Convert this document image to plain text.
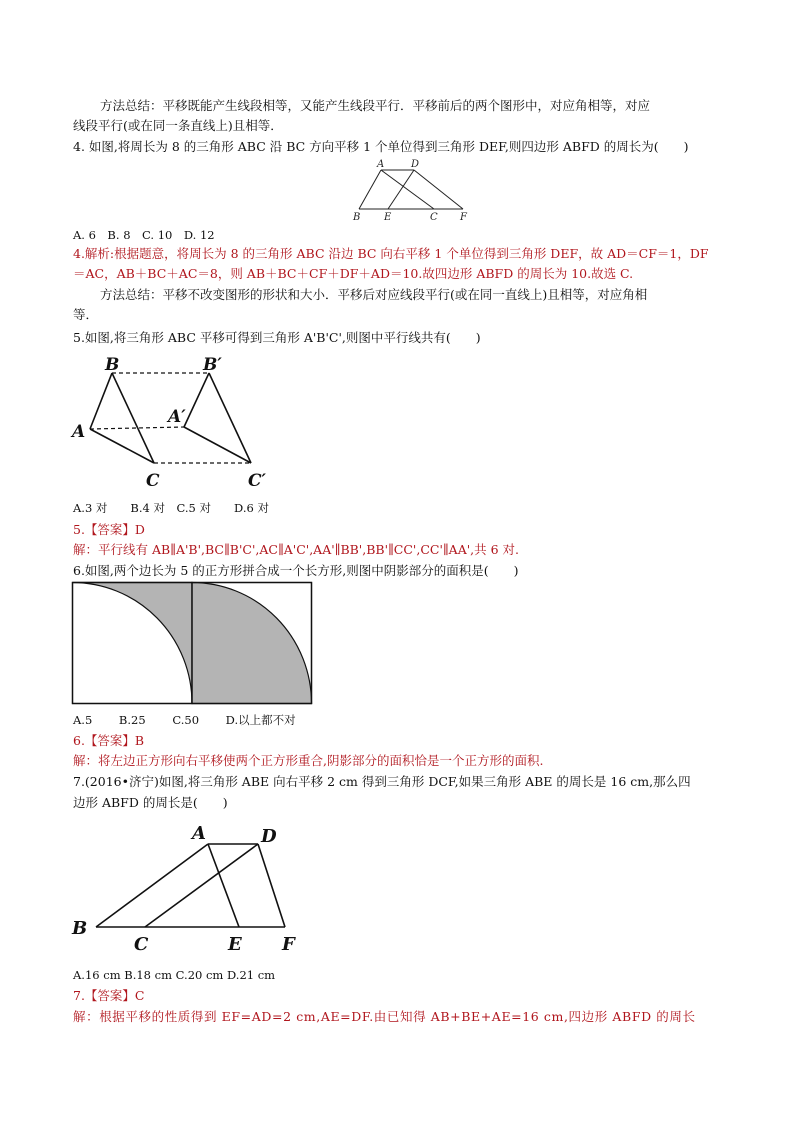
方法总结：平移既能产生线段相等，又能产生线段平行．平移前后的两个图形中，对应角相等，对应
线段平行(或在同一条直线上)且相等．
4. 如图,将周长为 8 的三角形 ABC 沿 BC 方向平移 1 个单位得到三角形 DEF,则四边形 ABFD 的周长为(　　)
A	D
B E	C F
A. 6　B. 8　C. 10　D. 12
4.解析:根据题意，将周长为 8 的三角形 ABC 沿边 BC 向右平移 1 个单位得到三角形 DEF，故 AD＝CF＝1，DF
＝AC，AB＋BC＋AC＝8，则 AB＋BC＋CF＋DF＋AD＝10.故四边形 ABFD 的周长为 10.故选 C.
方法总结：平移不改变图形的形状和大小．平移后对应线段平行(或在同一直线上)且相等，对应角相
等．
5.如图,将三角形 ABC 平移可得到三角形 A'B'C',则图中平行线共有(　　)
B	B′
A
A′
C	C′
A.3 对　　B.4 对　C.5 对　　D.6 对
5.【答案】D
解：平行线有 AB∥A'B',BC∥B'C',AC∥A'C',AA'∥BB',BB'∥CC',CC'∥AA',共 6 对.
6.如图,两个边长为 5 的正方形拼合成一个长方形,则图中阴影部分的面积是(　　)
A.5　　 B.25　　 C.50　　 D.以上都不对
6.【答案】B
解：将左边正方形向右平移使两个正方形重合,阴影部分的面积恰是一个正方形的面积.
7.(2016•济宁)如图,将三角形 ABE 向右平移 2 cm 得到三角形 DCF,如果三角形 ABE 的周长是 16 cm,那么四
边形 ABFD 的周长是(　　)
A	D
B
C	E F
A.16 cm B.18 cm C.20 cm D.21 cm
7.【答案】C
解：根据平移的性质得到 EF=AD=2 cm,AE=DF.由已知得 AB+BE+AE=16 cm,四边形 ABFD 的周长
